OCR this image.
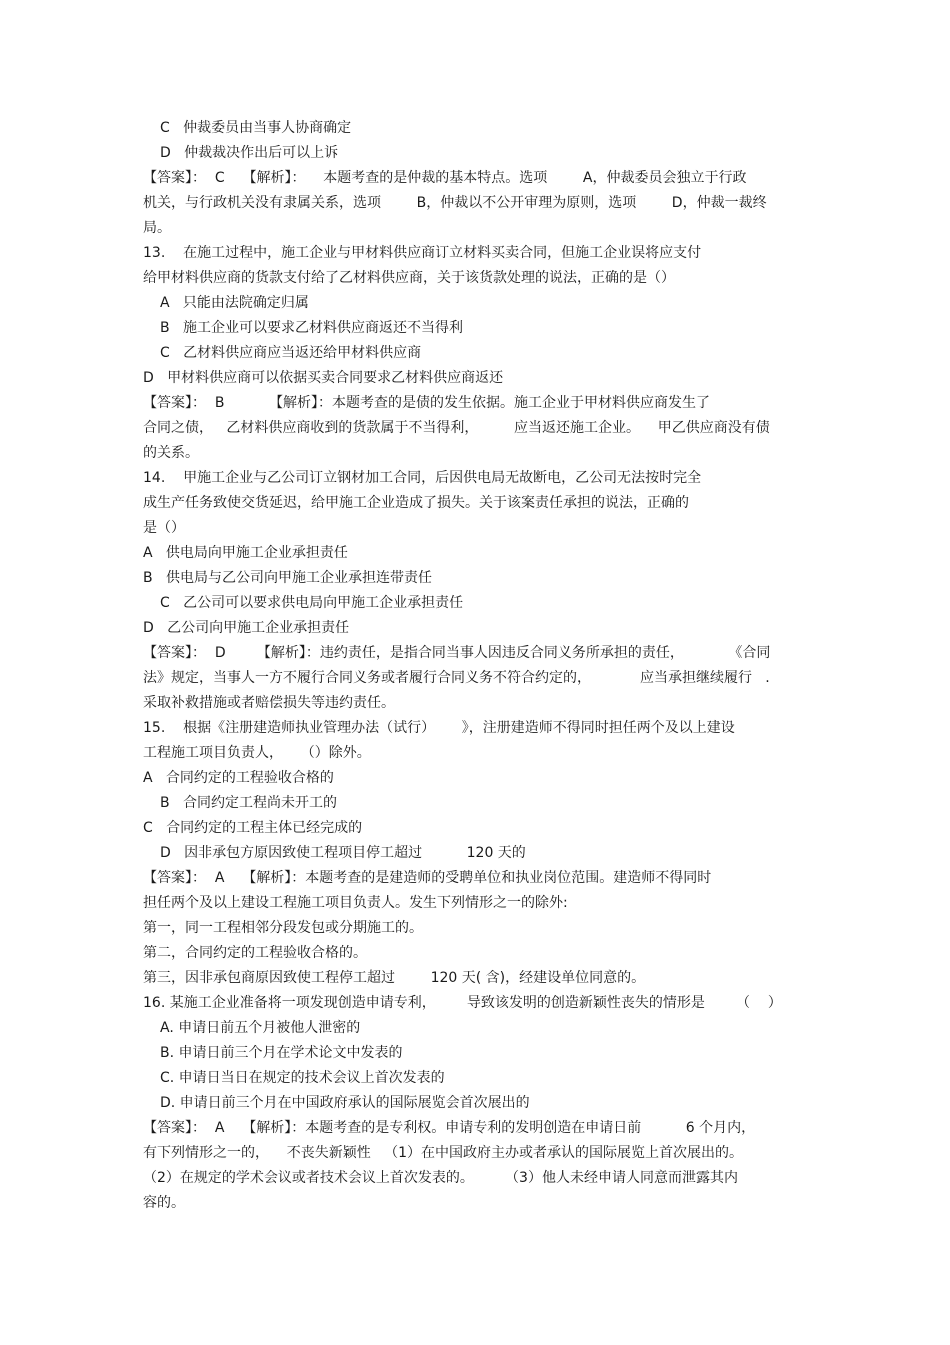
C   仲裁委员由当事人协商确定
D   仲裁裁决作出后可以上诉
【答案】：  C    【解析】：    本题考查的是仲裁的基本特点。选项        A，仲裁委员会独立于行政
机关，与行政机关没有隶属关系，选项        B，仲裁以不公开审理为原则，选项        D，仲裁一裁终
局。
13.    在施工过程中，施工企业与甲材料供应商订立材料买卖合同，但施工企业误将应支付
给甲材料供应商的货款支付给了乙材料供应商，关于该货款处理的说法，正确的是（）
A   只能由法院确定归属
B   施工企业可以要求乙材料供应商返还不当得利
C   乙材料供应商应当返还给甲材料供应商
D   甲材料供应商可以依据买卖合同要求乙材料供应商返还
【答案】：  B          【解析】：本题考查的是债的发生依据。施工企业于甲材料供应商发生了
合同之债，   乙材料供应商收到的货款属于不当得利，        应当返还施工企业。    甲乙供应商没有债
的关系。
14.    甲施工企业与乙公司订立钢材加工合同，后因供电局无故断电，乙公司无法按时完全
成生产任务致使交货延迟，给甲施工企业造成了损失。关于该案责任承担的说法，正确的
是（）
A   供电局向甲施工企业承担责任
B   供电局与乙公司向甲施工企业承担连带责任
C   乙公司可以要求供电局向甲施工企业承担责任
D   乙公司向甲施工企业承担责任
【答案】：  D       【解析】：违约责任，是指合同当事人因违反合同义务所承担的责任，          《合同
法》规定，当事人一方不履行合同义务或者履行合同义务不符合约定的，           应当承担继续履行   .
采取补救措施或者赔偿损失等违约责任。
15.    根据《注册建造师执业管理办法（试行）      》，注册建造师不得同时担任两个及以上建设
工程施工项目负责人，    （）除外。
A   合同约定的工程验收合格的
B   合同约定工程尚未开工的
C   合同约定的工程主体已经完成的
D   因非承包方原因致使工程项目停工超过          120 天的
【答案】：  A    【解析】：本题考查的是建造师的受聘单位和执业岗位范围。建造师不得同时
担任两个及以上建设工程施工项目负责人。发生下列情形之一的除外:
第一，同一工程相邻分段发包或分期施工的。
第二，合同约定的工程验收合格的。
第三，因非承包商原因致使工程停工超过        120 天( 含)，经建设单位同意的。
16. 某施工企业准备将一项发现创造申请专利，       导致该发明的创造新颖性丧失的情形是       （    ）
A. 申请日前五个月被他人泄密的
B. 申请日前三个月在学术论文中发表的
C. 申请日当日在规定的技术会议上首次发表的
D. 申请日前三个月在中国政府承认的国际展览会首次展出的
【答案】：  A    【解析】：本题考查的是专利权。申请专利的发明创造在申请日前          6 个月内，
有下列情形之一的，    不丧失新颖性   （1）在中国政府主办或者承认的国际展览上首次展出的。
（2）在规定的学术会议或者技术会议上首次发表的。       （3）他人未经申请人同意而泄露其内
容的。
